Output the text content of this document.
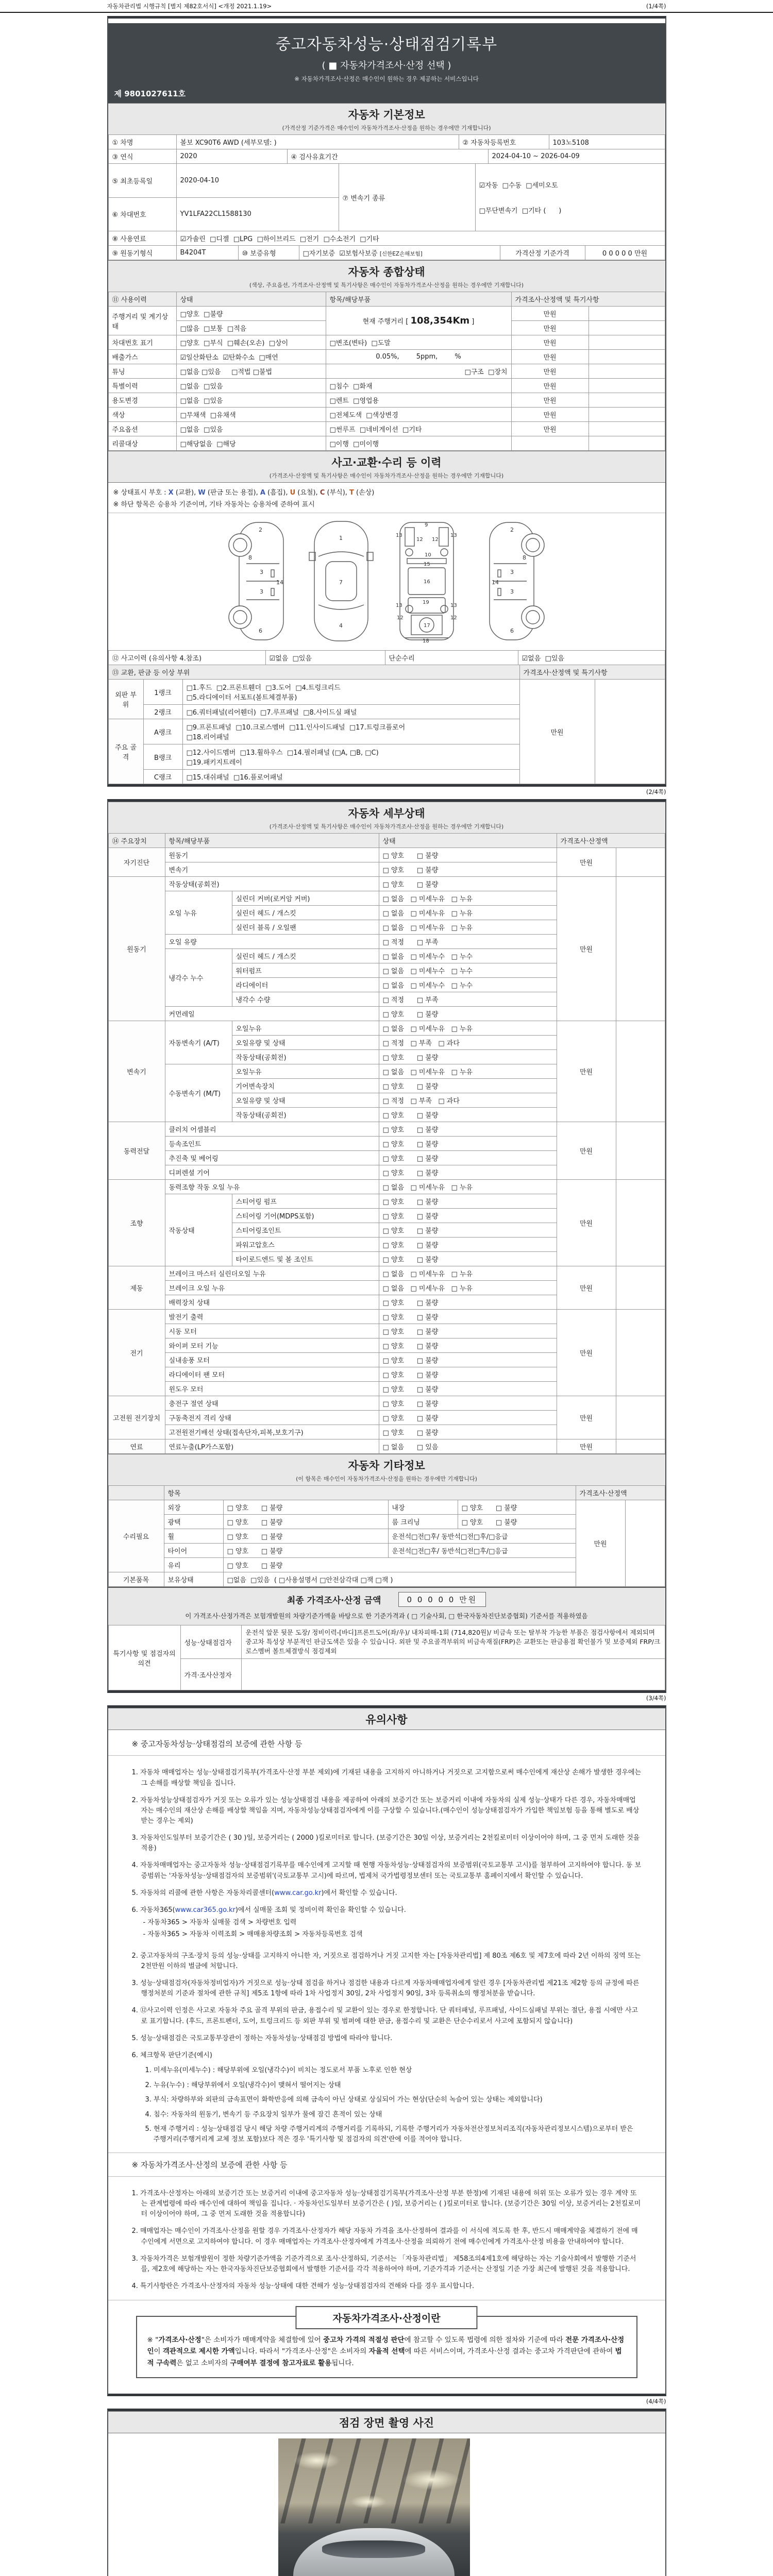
자동차관리법 시행규칙 [별지 제82호서식] <개정 2021.1.19>	(1/4쪽)
중고자동차성능·상태점검기록부
( ■ 자동차가격조사·산정 선택 )
※ 자동차가격조사·산정은 매수인이 원하는 경우 제공하는 서비스입니다
제 9801027611호
자동차 기본정보
(가격산정 기준가격은 매수인이 자동차가격조사·산정을 원하는 경우에만 기재합니다)
① 차명	볼보 XC90T6 AWD (세부모델: )	② 자동차등록번호	103노5108
③ 연식	2020	④ 검사유효기간	2024-04-10 ~ 2026-04-09
⑤ 최초등록일	2020-04-10	⑦ 변속기 종류	☑자동  □수동  □세미오토

□무단변속기  □기타 (      )

⑥ 차대번호	YV1LFA22CL1588130		
⑧ 사용연료	☑가솔린  □디젤  □LPG  □하이브리드  □전기  □수소전기  □기타
⑨ 원동기형식	B4204T	⑩ 보증유형	□자기보증  ☑보험사보증 [신한EZ손해보험]	가격산정 기준가격	0 0 0 0 0 만원
자동차 종합상태
(색상, 주요옵션, 가격조사·산정액 및 특기사항은 매수인이 자동차가격조사·산정을 원하는 경우에만 기재합니다)
⑪ 사용이력	상태	항목/해당부품	가격조사·산정액 및 특기사항	
주행거리 및 계기상태	□양호  □불량	현재 주행거리 [ 108,354Km ]	만원	
	□많음  □보통  □적음		만원	
차대번호 표기	□양호  □부식  □훼손(오손)  □상이	□변조(변타)  □도말	만원	
배출가스	☑일산화탄소  ☑탄화수소  □매연	0.05%,        5ppm,        %	만원	
튜닝	□없음 □있음     □적법 □불법	□구조  □장치	만원	
특별이력	□없음  □있음	□침수  □화재	만원	
용도변경	□없음  □있음	□렌트  □영업용	만원	
색상	□무채색  □유채색	□전체도색  □색상변경	만원	
주요옵션	□없음  □있음	□썬루프  □네비게이션  □기타	만원	
리콜대상	□해당없음  □해당	□이행  □미이행		
사고·교환·수리 등 이력
(가격조사·산정액 및 특기사항은 매수인이 자동차가격조사·산정을 원하는 경우에만 기재합니다)
※ 상태표시 부호 : X (교환), W (판금 또는 용접), A (흠집), U (요철), C (부식), T (손상)
※ 하단 항목은 승용차 기준이며, 기타 자동차는 승용차에 준하여 표시
2
8
3
3
14
6
1
7
4
9
13	13
12 12
10
15
16
13	13
19
12	12
17
18
2
8
3
3
14
6
⑫ 사고이력 (유의사항 4.참조)	☑없음  □있음	단순수리	☑없음  □있음
⑬ 교환, 판금 등 이상 부위	가격조사·산정액 및 특기사항
외판 부위	1랭크	□1.후드  □2.프론트휀더  □3.도어  □4.트렁크리드
□5.라디에이터 서포트(볼트체결부품)	만원	
	2랭크	□6.쿼터패널(리어휀더)  □7.루프패널  □8.사이드실 패널		
주요 골격	A랭크	□9.프론트패널  □10.크로스멤버  □11.인사이드패널  □17.트렁크플로어
□18.리어패널		

	B랭크	□12.사이드멤버  □13.휠하우스  □14.필러패널 (□A, □B, □C)
□19.패키지트레이		

	C랭크	□15.대쉬패널  □16.플로어패널		
(2/4쪽)
자동차 세부상태
(가격조사·산정액 및 특기사항은 매수인이 자동차가격조사·산정을 원하는 경우에만 기재합니다)
⑭ 주요장치	항목/해당부품		상태	가격조사·산정액	
자기진단	원동기		□ 양호      □ 불량	만원	
	변속기		□ 양호      □ 불량		
원동기	작동상태(공회전)		□ 양호      □ 불량	만원	
	오일 누유	실린더 커버(로커암 커버)	□ 없음   □ 미세누유   □ 누유		
		실린더 헤드 / 개스킷	□ 없음   □ 미세누유   □ 누유		
		실린더 블록 / 오일팬	□ 없음   □ 미세누유   □ 누유		
	오일 유량		□ 적정      □ 부족		
	냉각수 누수	실린더 헤드 / 개스킷	□ 없음   □ 미세누수   □ 누수		
		워터펌프	□ 없음   □ 미세누수   □ 누수		
		라디에이터	□ 없음   □ 미세누수   □ 누수		
		냉각수 수량	□ 적정      □ 부족		
	커먼레일		□ 양호      □ 불량		
변속기	자동변속기 (A/T)	오일누유	□ 없음   □ 미세누유   □ 누유	만원	
		오일유량 및 상태	□ 적정   □ 부족   □ 과다		
		작동상태(공회전)	□ 양호      □ 불량		
	수동변속기 (M/T)	오일누유	□ 없음   □ 미세누유   □ 누유		
		기어변속장치	□ 양호      □ 불량		
		오일유량 및 상태	□ 적정   □ 부족   □ 과다		
		작동상태(공회전)	□ 양호      □ 불량		
동력전달	클러치 어셈블리		□ 양호      □ 불량	만원	
	등속조인트		□ 양호      □ 불량		
	추진축 및 베어링		□ 양호      □ 불량		
	디퍼렌셜 기어		□ 양호      □ 불량		
조향	동력조향 작동 오일 누유		□ 없음   □ 미세누유   □ 누유	만원	
	작동상태	스티어링 펌프	□ 양호      □ 불량		
		스티어링 기어(MDPS포함)	□ 양호      □ 불량		
		스티어링조인트	□ 양호      □ 불량		
		파워고압호스	□ 양호      □ 불량		
		타이로드엔드 및 볼 조인트	□ 양호      □ 불량		
제동	브레이크 마스터 실린더오일 누유		□ 없음   □ 미세누유   □ 누유	만원	
	브레이크 오일 누유		□ 없음   □ 미세누유   □ 누유		
	배력장치 상태		□ 양호      □ 불량		
전기	발전기 출력		□ 양호      □ 불량	만원	
	시동 모터		□ 양호      □ 불량		
	와이퍼 모터 기능		□ 양호      □ 불량		
	실내송풍 모터		□ 양호      □ 불량		
	라디에이터 팬 모터		□ 양호      □ 불량		
	윈도우 모터		□ 양호      □ 불량		
고전원 전기장치	충전구 절연 상태		□ 양호      □ 불량	만원	
	구동축전지 격리 상태		□ 양호      □ 불량		
	고전원전기배선 상태(접속단자,피복,보호기구)		□ 양호      □ 불량		
연료	연료누출(LP가스포함)		□ 없음      □ 있음	만원	
자동차 기타정보
(이 항목은 매수인이 자동차가격조사·산정을 원하는 경우에만 기재합니다)
	항목				가격조사·산정액	
수리필요	외장	□ 양호      □ 불량	내장	□ 양호      □ 불량	만원	
	광택	□ 양호      □ 불량	룸 크리닝	□ 양호      □ 불량		
	휠	□ 양호      □ 불량	운전석□전□후/ 동반석□전□후/□응급			
	타이어	□ 양호      □ 불량	운전석□전□후/ 동반석□전□후/□응급			
	유리	□ 양호      □ 불량				
기본품목	보유상태	□없음  □있음  ( □사용설명서 □안전삼각대 □잭 □잭 )				
최종 가격조사·산정 금액	0 0 0 0 0 만원
이 가격조사·산정가격은 보험개발원의 차량기준가액을 바탕으로 한 기준가격과 ( □ 기술사회, □ 한국자동차진단보증협회) 기준서를 적용하였음
특기사항 및 점검자의 의견	성능·상태점검자	운전석 앞문 뒷문 도장/ 정비이력-[바디]프론트도어(좌/우)/ 내차피해-1회 (714,820원)/ 비금속 또는 탈부착 가능한 부품은 점검사항에서 제외되며 중고차 특성상 부분적인 판금도색은 있을 수 있습니다. 외판 및 주요골격부위의 비금속재질(FRP)은 교환또는 판금용접 확인불가 및 보증제외 FRP/크로스멤버 볼트체결방식 점검제외
	가격·조사산정자	
(3/4쪽)
유의사항
※ 중고자동차성능·상태점검의 보증에 관한 사항 등
1. 자동차 매매업자는 성능·상태점검기록부(가격조사·산정 부분 제외)에 기재된 내용을 고지하지 아니하거나 거짓으로 고지함으로써 매수인에게 재산상 손해가 발생한 경우에는 그 손해를 배상할 책임을 집니다.
2. 자동차성능상태점검자가 거짓 또는 오류가 있는 성능상태점검 내용을 제공하여 아래의 보증기간 또는 보증거리 이내에 자동차의 실제 성능·상태가 다른 경우, 자동차매매업자는 매수인의 재산상 손해를 배상할 책임을 지며, 자동차성능상태점검자에게 이를 구상할 수 있습니다.(매수인이 성능상태점검자가 가입한 책임보험 등을 통해 별도로 배상받는 경우는 제외)
3. 자동차인도일부터 보증기간은 ( 30 )일, 보증거리는 ( 2000 )킬로미터로 합니다. (보증기간은 30일 이상, 보증거리는 2천킬로미터 이상이어야 하며, 그 중 먼저 도래한 것을 적용)
4. 자동차매매업자는 중고자동차 성능·상태점검기록부를 매수인에게 고지할 때 현행 자동차성능·상태점검자의 보증범위(국토교통부 고시)를 첨부하여 고지하여야 합니다. 동 보증범위는 '자동차성능·상태점검자의 보증범위'(국토교통부 고시)에 따르며, 법제처 국가법령정보센터 또는 국토교통부 홈페이지에서 확인할 수 있습니다.
5. 자동차의 리콜에 관한 사항은 자동차리콜센터(www.car.go.kr)에서 확인할 수 있습니다.
6. 자동차365(www.car365.go.kr)에서 실매물 조회 및 정비이력 확인을 확인할 수 있습니다.
- 자동차365 > 자동차 실매물 검색 > 차량번호 입력
- 자동차365 > 자동차 이력조회 > 매매용차량조회 > 자동차등록번호 검색
2. 중고자동차의 구조·장치 등의 성능·상태를 고지하지 아니한 자, 거짓으로 점검하거나 거짓 고지한 자는 [자동차관리법] 제 80조 제6호 및 제7호에 따라 2년 이하의 징역 또는 2천만원 이하의 벌금에 처합니다.
3. 성능·상태점검자(자동차정비업자)가 거짓으로 성능·상태 점검을 하거나 점검한 내용과 다르게 자동차매매업자에게 알린 경우 [자동차관리법 제21조 제2항 등의 규정에 따른 행정처분의 기준과 절차에 관한 규칙] 제5조 1항에 따라 1차 사업정지 30일, 2차 사업정지 90일, 3차 등록취소의 행정처분을 받습니다.
4. ⑫사고이력 인정은 사고로 자동차 주요 골격 부위의 판금, 용접수리 및 교환이 있는 경우로 한정합니다. 단 쿼터패널, 루프패널, 사이드실패널 부위는 절단, 용접 시에만 사고로 표기합니다. (후드, 프론트펜더, 도어, 트렁크리드 등 외판 부위 및 범퍼에 대한 판금, 용접수리 및 교환은 단순수리로서 사고에 포함되지 않습니다)
5. 성능·상태점검은 국토교통부장관이 정하는 자동차성능·상태점검 방법에 따라야 합니다.
6. 체크항목 판단기준(예시)
1. 미세누유(미세누수) : 해당부위에 오일(냉각수)이 비치는 정도로서 부품 노후로 인한 현상
2. 누유(누수) : 해당부위에서 오일(냉각수)이 맺혀서 떨어지는 상태
3. 부식: 차량하부와 외판의 금속표면이 화학반응에 의해 금속이 아닌 상태로 상실되어 가는 현상(단순히 녹슬어 있는 상태는 제외합니다)
4. 침수: 자동차의 원동기, 변속기 등 주요장치 일부가 물에 잠긴 흔적이 있는 상태
5. 현재 주행거리 : 성능·상태점검 당시 해당 차량 주행거리계의 주행거리를 기록하되, 기록한 주행거리가 자동차전산정보처리조직(자동차관리정보시스템)으로부터 받은 주행거리(주행거리계 교체 정보 포함)보다 적은 경우 '특기사항 및 점검자의 의견'란에 이를 적어야 합니다.
※ 자동차가격조사·산정의 보증에 관한 사항 등
1. 가격조사·산정자는 아래의 보증기간 또는 보증거리 이내에 중고자동차 성능·상태점검기록부(가격조사·산정 부분 한정)에 기재된 내용에 허위 또는 오류가 있는 경우 계약 또는 관계법령에 따라 매수인에 대하여 책임을 집니다. · 자동차인도일부터 보증기간은 ( )일, 보증거리는 ( )킬로미터로 합니다. (보증기간은 30일 이상, 보증거리는 2천킬로미터 이상이어야 하며, 그 중 먼저 도래한 것을 적용합니다)
2. 매매업자는 매수인이 가격조사·산정을 원할 경우 가격조사·산정자가 해당 자동차 가격을 조사·산정하여 결과를 이 서식에 적도록 한 후, 반드시 매매계약을 체결하기 전에 매수인에게 서면으로 고지하여야 합니다. 이 경우 매매업자는 가격조사·산정자에게 가격조사·산정을 의뢰하기 전에 매수인에게 가격조사·산정 비용을 안내하여야 합니다.
3. 자동차가격은 보험개발원이 정한 차량기준가액을 기준가격으로 조사·산정하되, 기준서는 「자동차관리법」 제58조의4제1호에 해당하는 자는 기술사회에서 발행한 기준서를, 제2호에 해당하는 자는 한국자동차진단보증협회에서 발행한 기준서를 각각 적용하여야 하며, 기준가격과 기준서는 산정일 기준 가장 최근에 발행된 것을 적용합니다.
4. 특기사항란은 가격조사·산정자의 자동차 성능·상태에 대한 견해가 성능·상태점검자의 견해와 다를 경우 표시합니다.
자동차가격조사·산정이란
※ "가격조사·산정"은 소비자가 매매계약을 체결함에 있어 중고차 가격의 적절성 판단에 참고할 수 있도록 법령에 의한 절차와 기준에 따라 전문 가격조사·산정인이 객관적으로 제시한 가액입니다. 따라서 "가격조사·산정"은 소비자의 자율적 선택에 따른 서비스이며, 가격조사·산정 결과는 중고차 가격판단에 관하여 법적 구속력은 없고 소비자의 구매여부 결정에 참고자료로 활용됩니다.
(4/4쪽)
점검 장면 촬영 사진
